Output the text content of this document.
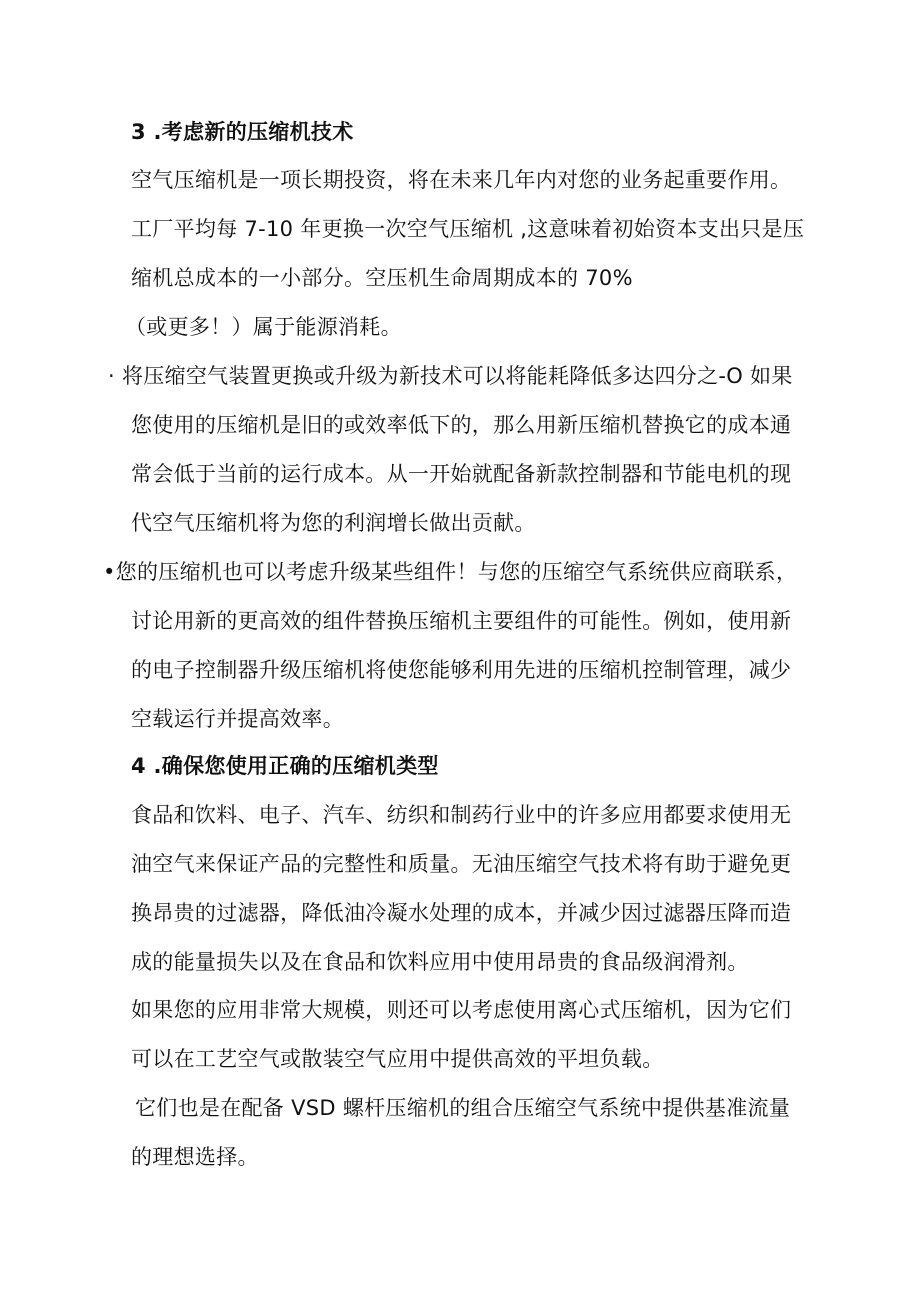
3 .考虑新的压缩机技术
空气压缩机是一项长期投资，将在未来几年内对您的业务起重要作用。
工厂平均每 7-10 年更换一次空气压缩机 ,这意味着初始资本支出只是压
缩机总成本的一小部分。空压机生命周期成本的 70%
（或更多！）属于能源消耗。
· 将压缩空气装置更换或升级为新技术可以将能耗降低多达四分之-O 如果
您使用的压缩机是旧的或效率低下的，那么用新压缩机替换它的成本通
常会低于当前的运行成本。从一开始就配备新款控制器和节能电机的现
代空气压缩机将为您的利润增长做出贡献。
•您的压缩机也可以考虑升级某些组件！与您的压缩空气系统供应商联系，
讨论用新的更高效的组件替换压缩机主要组件的可能性。例如，使用新
的电子控制器升级压缩机将使您能够利用先进的压缩机控制管理，减少
空载运行并提高效率。
4 .确保您使用正确的压缩机类型
食品和饮料、电子、汽车、纺织和制药行业中的许多应用都要求使用无
油空气来保证产品的完整性和质量。无油压缩空气技术将有助于避免更
换昂贵的过滤器，降低油冷凝水处理的成本，并减少因过滤器压降而造
成的能量损失以及在食品和饮料应用中使用昂贵的食品级润滑剂。
如果您的应用非常大规模，则还可以考虑使用离心式压缩机，因为它们
可以在工艺空气或散装空气应用中提供高效的平坦负载。
它们也是在配备 VSD 螺杆压缩机的组合压缩空气系统中提供基准流量
的理想选择。
